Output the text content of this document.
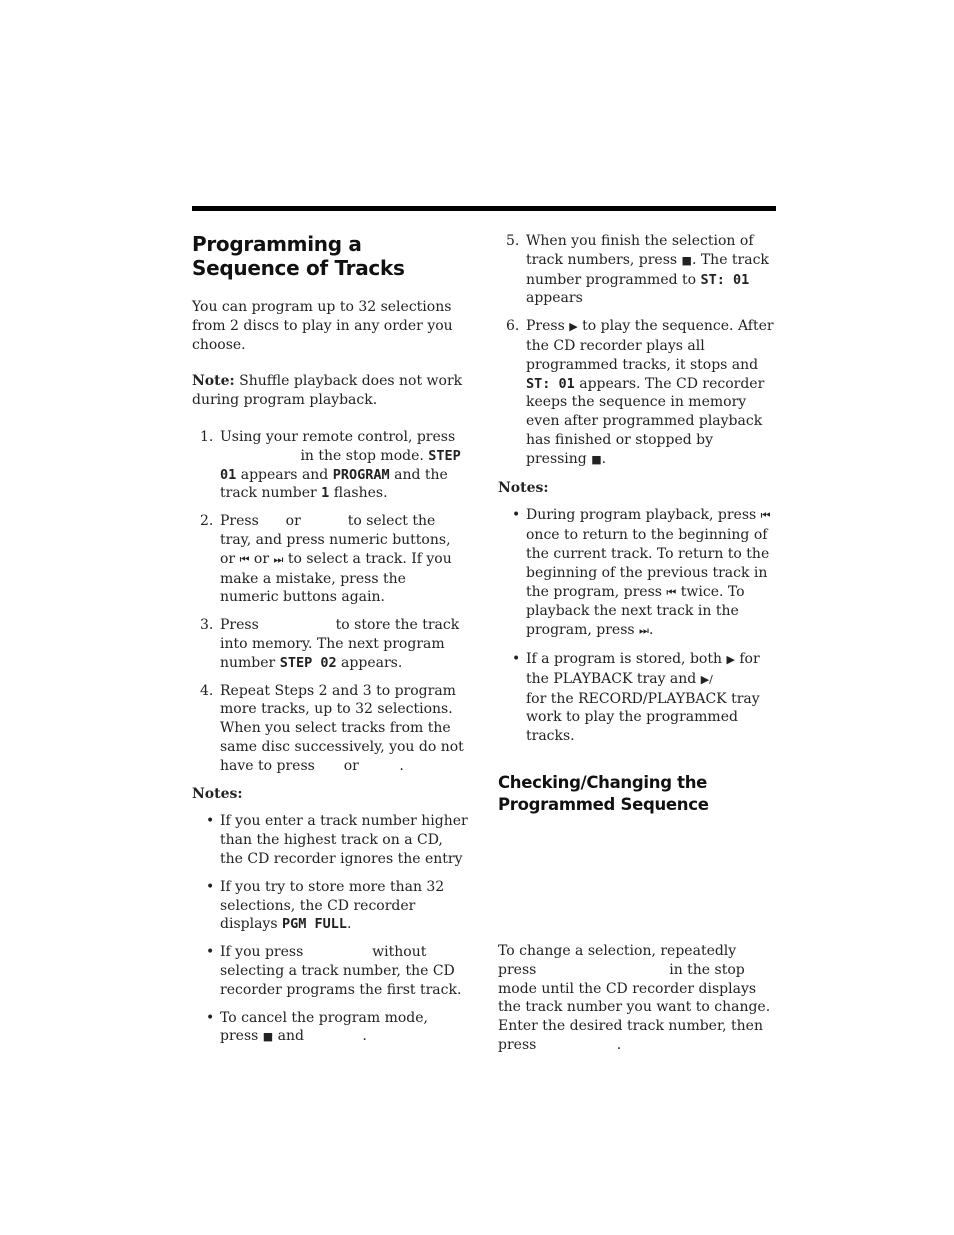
Programming a Sequence of Tracks

You can program up to 32 selections from 2 discs to play in any order you choose.

Note: Shuffle playback does not work during program playback.

1. Using your remote control, press  in the stop mode. STEP 01 appears and PROGRAM and the track number 1 flashes.
2. Press  or	to select the tray, and press numeric buttons, or ⏮ or ⏭ to select a track. If you make a mistake, press the numeric buttons again.
3. Press	to store the track into memory. The next program number STEP 02 appears.
4. Repeat Steps 2 and 3 to program more tracks, up to 32 selections. When you select tracks from the same disc successively, you do not have to press  or	.

Notes:

• If you enter a track number higher than the highest track on a CD, the CD recorder ignores the entry
• If you try to store more than 32 selections, the CD recorder displays PGM FULL.
• If you press	without selecting a track number, the CD recorder programs the first track.
• To cancel the program mode, press ■ and	.
5. When you finish the selection of track numbers, press ■. The track number programmed to ST: 01 appears
6. Press ▶ to play the sequence. After the CD recorder plays all programmed tracks, it stops and ST: 01 appears. The CD recorder keeps the sequence in memory even after programmed playback has finished or stopped by pressing ■.

Notes:

• During program playback, press ⏮ once to return to the beginning of the current track. To return to the beginning of the previous track in the program, press ⏮ twice. To playback the next track in the program, press ⏭.
• If a program is stored, both ▶ for the PLAYBACK tray and ▶/ for the RECORD/PLAYBACK tray work to play the programmed tracks.
Checking/Changing the Programmed Sequence

To change a selection, repeatedly press	in the stop mode until the CD recorder displays the track number you want to change. Enter the desired track number, then press	.
